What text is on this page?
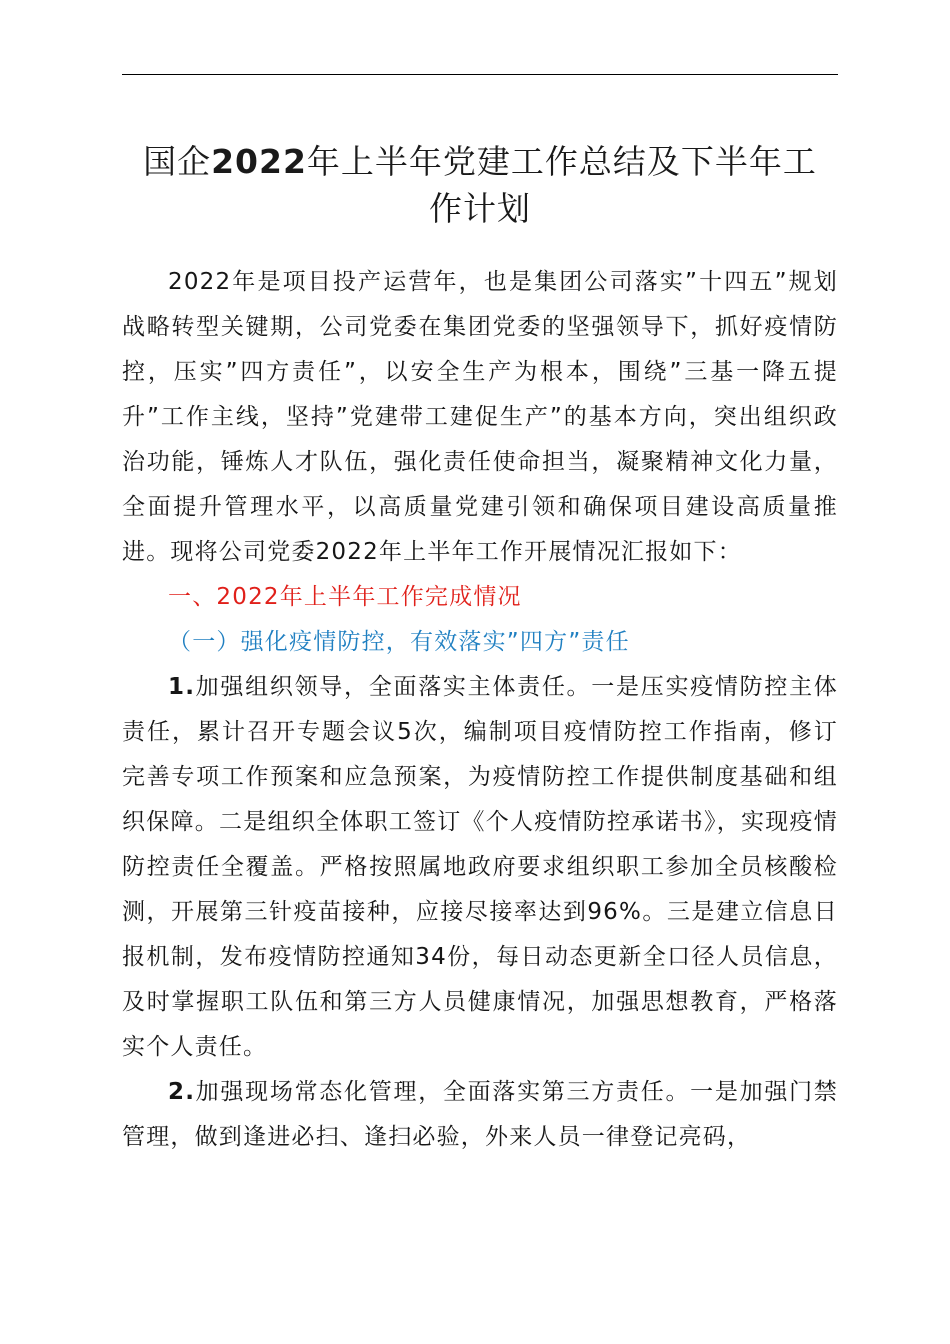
国企2022年上半年党建工作总结及下半年工
作计划

2022年是项目投产运营年，也是集团公司落实”十四五”规划战略转型关键期，公司党委在集团党委的坚强领导下，抓好疫情防控，压实”四方责任”，以安全生产为根本，围绕”三基一降五提升”工作主线，坚持”党建带工建促生产”的基本方向，突出组织政治功能，锤炼人才队伍，强化责任使命担当，凝聚精神文化力量，全面提升管理水平，以高质量党建引领和确保项目建设高质量推进。现将公司党委2022年上半年工作开展情况汇报如下：

一、2022年上半年工作完成情况

（一）强化疫情防控，有效落实”四方”责任

1.加强组织领导，全面落实主体责任。一是压实疫情防控主体责任，累计召开专题会议5次，编制项目疫情防控工作指南，修订完善专项工作预案和应急预案，为疫情防控工作提供制度基础和组织保障。二是组织全体职工签订《个人疫情防控承诺书》，实现疫情防控责任全覆盖。严格按照属地政府要求组织职工参加全员核酸检测，开展第三针疫苗接种，应接尽接率达到96%。三是建立信息日报机制，发布疫情防控通知34份，每日动态更新全口径人员信息，及时掌握职工队伍和第三方人员健康情况，加强思想教育，严格落实个人责任。

2.加强现场常态化管理，全面落实第三方责任。一是加强门禁管理，做到逢进必扫、逢扫必验，外来人员一律登记亮码，
